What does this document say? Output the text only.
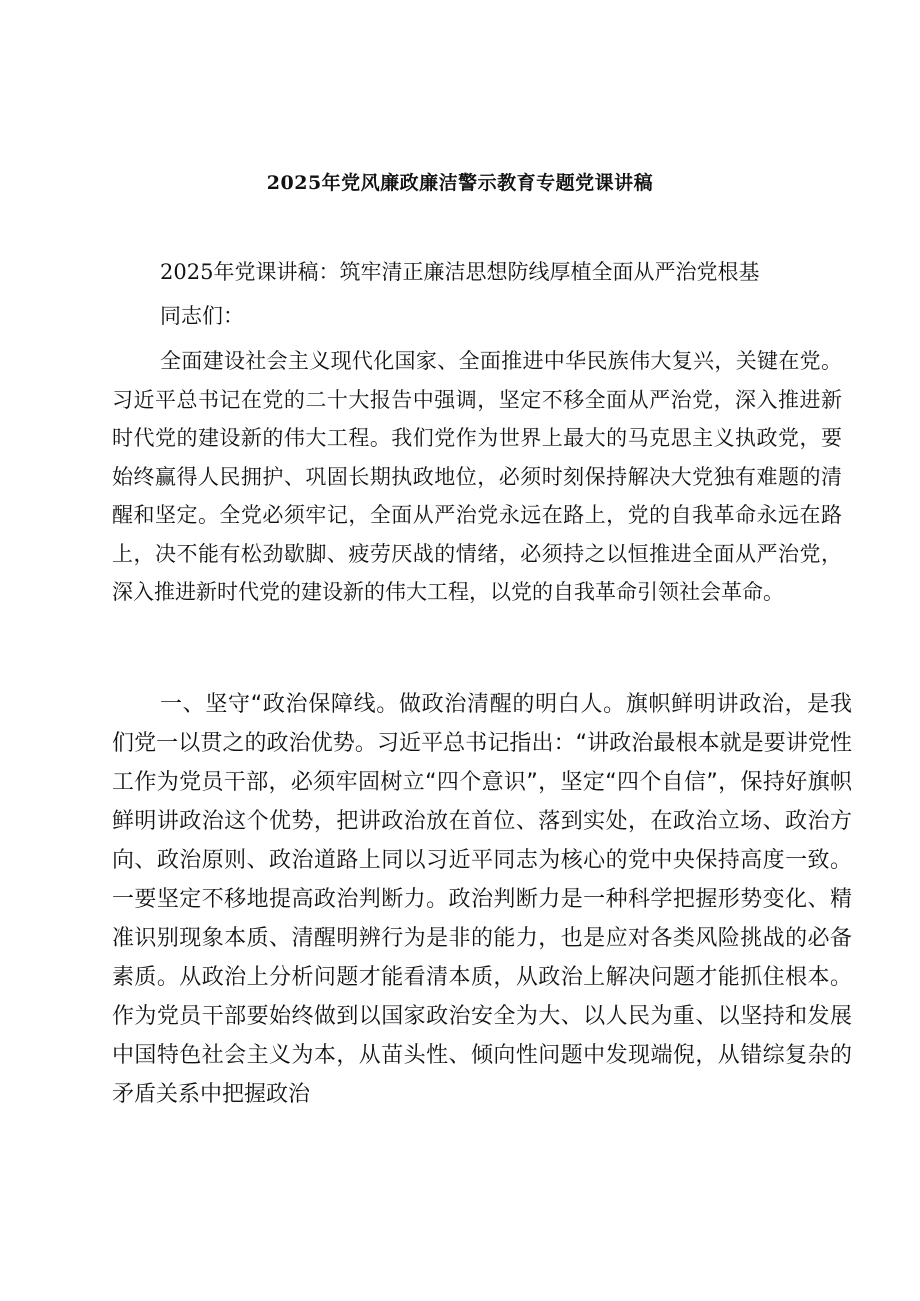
2025年党风廉政廉洁警示教育专题党课讲稿
2025年党课讲稿：筑牢清正廉洁思想防线厚植全面从严治党根基
同志们：

全面建设社会主义现代化国家、全面推进中华民族伟大复兴，关键在党。习近平总书记在党的二十大报告中强调，坚定不移全面从严治党，深入推进新时代党的建设新的伟大工程。我们党作为世界上最大的马克思主义执政党，要始终赢得人民拥护、巩固长期执政地位，必须时刻保持解决大党独有难题的清醒和坚定。全党必须牢记，全面从严治党永远在路上，党的自我革命永远在路上，决不能有松劲歇脚、疲劳厌战的情绪，必须持之以恒推进全面从严治党，深入推进新时代党的建设新的伟大工程，以党的自我革命引领社会革命。

一、坚守“政治保障线。做政治清醒的明白人。旗帜鲜明讲政治，是我们党一以贯之的政治优势。习近平总书记指出：“讲政治最根本就是要讲党性工作为党员干部，必须牢固树立“四个意识”，坚定“四个自信”，保持好旗帜鲜明讲政治这个优势，把讲政治放在首位、落到实处，在政治立场、政治方向、政治原则、政治道路上同以习近平同志为核心的党中央保持高度一致。一要坚定不移地提高政治判断力。政治判断力是一种科学把握形势变化、精准识别现象本质、清醒明辨行为是非的能力，也是应对各类风险挑战的必备素质。从政治上分析问题才能看清本质，从政治上解决问题才能抓住根本。作为党员干部要始终做到以国家政治安全为大、以人民为重、以坚持和发展中国特色社会主义为本，从苗头性、倾向性问题中发现端倪，从错综复杂的矛盾关系中把握政治
